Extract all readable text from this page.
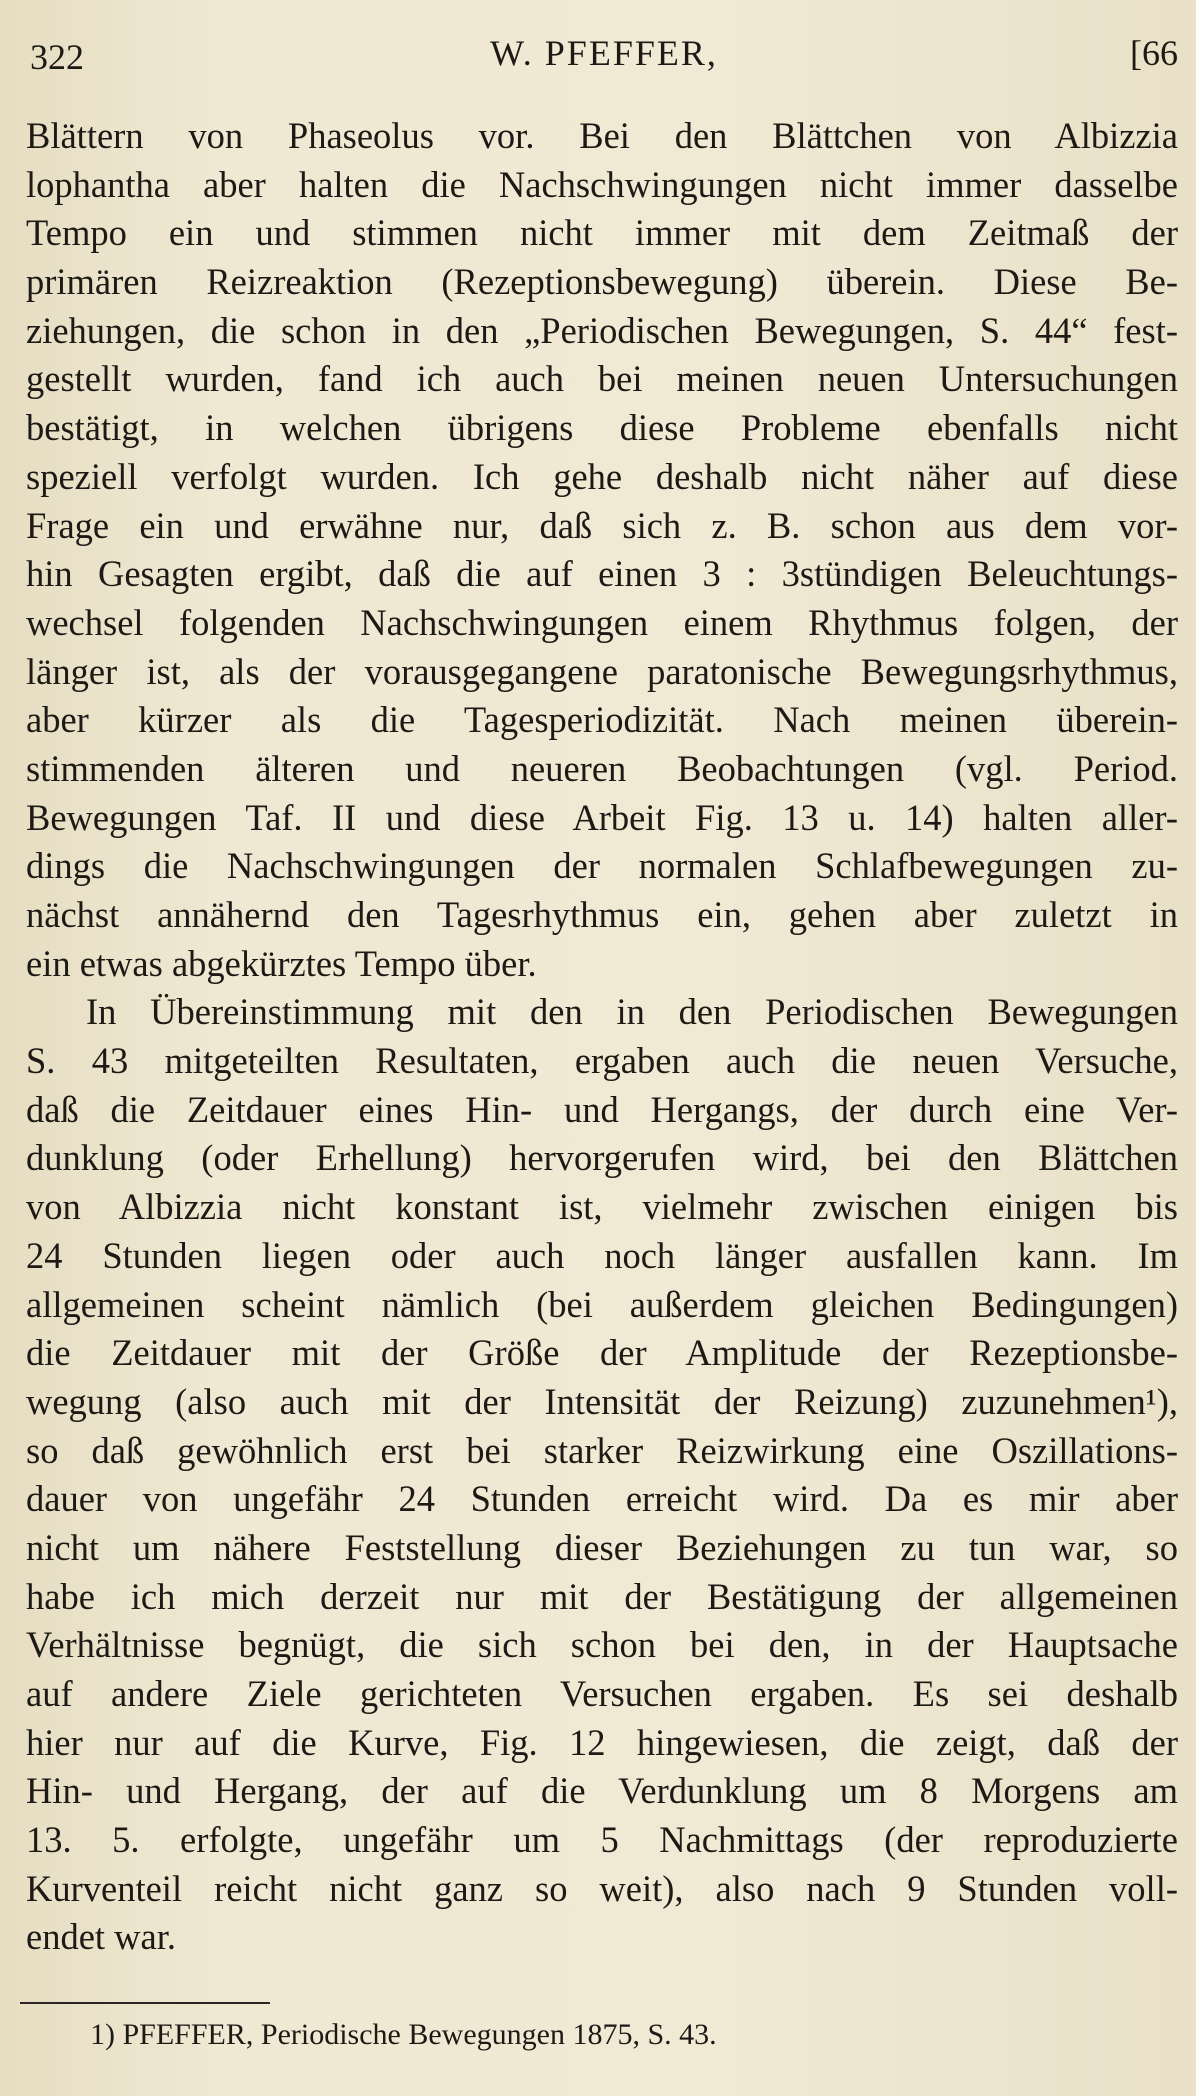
322	W. PFEFFER,	[66
Blättern von Phaseolus vor. Bei den Blättchen von Albizzia
lophantha aber halten die Nachschwingungen nicht immer dasselbe
Tempo ein und stimmen nicht immer mit dem Zeitmaß der
primären Reizreaktion (Rezeptionsbewegung) überein. Diese Be-
ziehungen, die schon in den „Periodischen Bewegungen, S. 44“ fest-
gestellt wurden, fand ich auch bei meinen neuen Untersuchungen
bestätigt, in welchen übrigens diese Probleme ebenfalls nicht
speziell verfolgt wurden. Ich gehe deshalb nicht näher auf diese
Frage ein und erwähne nur, daß sich z. B. schon aus dem vor-
hin Gesagten ergibt, daß die auf einen 3 : 3stündigen Beleuchtungs-
wechsel folgenden Nachschwingungen einem Rhythmus folgen, der
länger ist, als der vorausgegangene paratonische Bewegungsrhythmus,
aber kürzer als die Tagesperiodizität. Nach meinen überein-
stimmenden älteren und neueren Beobachtungen (vgl. Period.
Bewegungen Taf. II und diese Arbeit Fig. 13 u. 14) halten aller-
dings die Nachschwingungen der normalen Schlafbewegungen zu-
nächst annähernd den Tagesrhythmus ein, gehen aber zuletzt in
ein etwas abgekürztes Tempo über.
In Übereinstimmung mit den in den Periodischen Bewegungen
S. 43 mitgeteilten Resultaten, ergaben auch die neuen Versuche,
daß die Zeitdauer eines Hin- und Hergangs, der durch eine Ver-
dunklung (oder Erhellung) hervorgerufen wird, bei den Blättchen
von Albizzia nicht konstant ist, vielmehr zwischen einigen bis
24 Stunden liegen oder auch noch länger ausfallen kann. Im
allgemeinen scheint nämlich (bei außerdem gleichen Bedingungen)
die Zeitdauer mit der Größe der Amplitude der Rezeptionsbe-
wegung (also auch mit der Intensität der Reizung) zuzunehmen¹),
so daß gewöhnlich erst bei starker Reizwirkung eine Oszillations-
dauer von ungefähr 24 Stunden erreicht wird. Da es mir aber
nicht um nähere Feststellung dieser Beziehungen zu tun war, so
habe ich mich derzeit nur mit der Bestätigung der allgemeinen
Verhältnisse begnügt, die sich schon bei den, in der Hauptsache
auf andere Ziele gerichteten Versuchen ergaben. Es sei deshalb
hier nur auf die Kurve, Fig. 12 hingewiesen, die zeigt, daß der
Hin- und Hergang, der auf die Verdunklung um 8 Morgens am
13. 5. erfolgte, ungefähr um 5 Nachmittags (der reproduzierte
Kurventeil reicht nicht ganz so weit), also nach 9 Stunden voll-
endet war.
1) PFEFFER, Periodische Bewegungen 1875, S. 43.
